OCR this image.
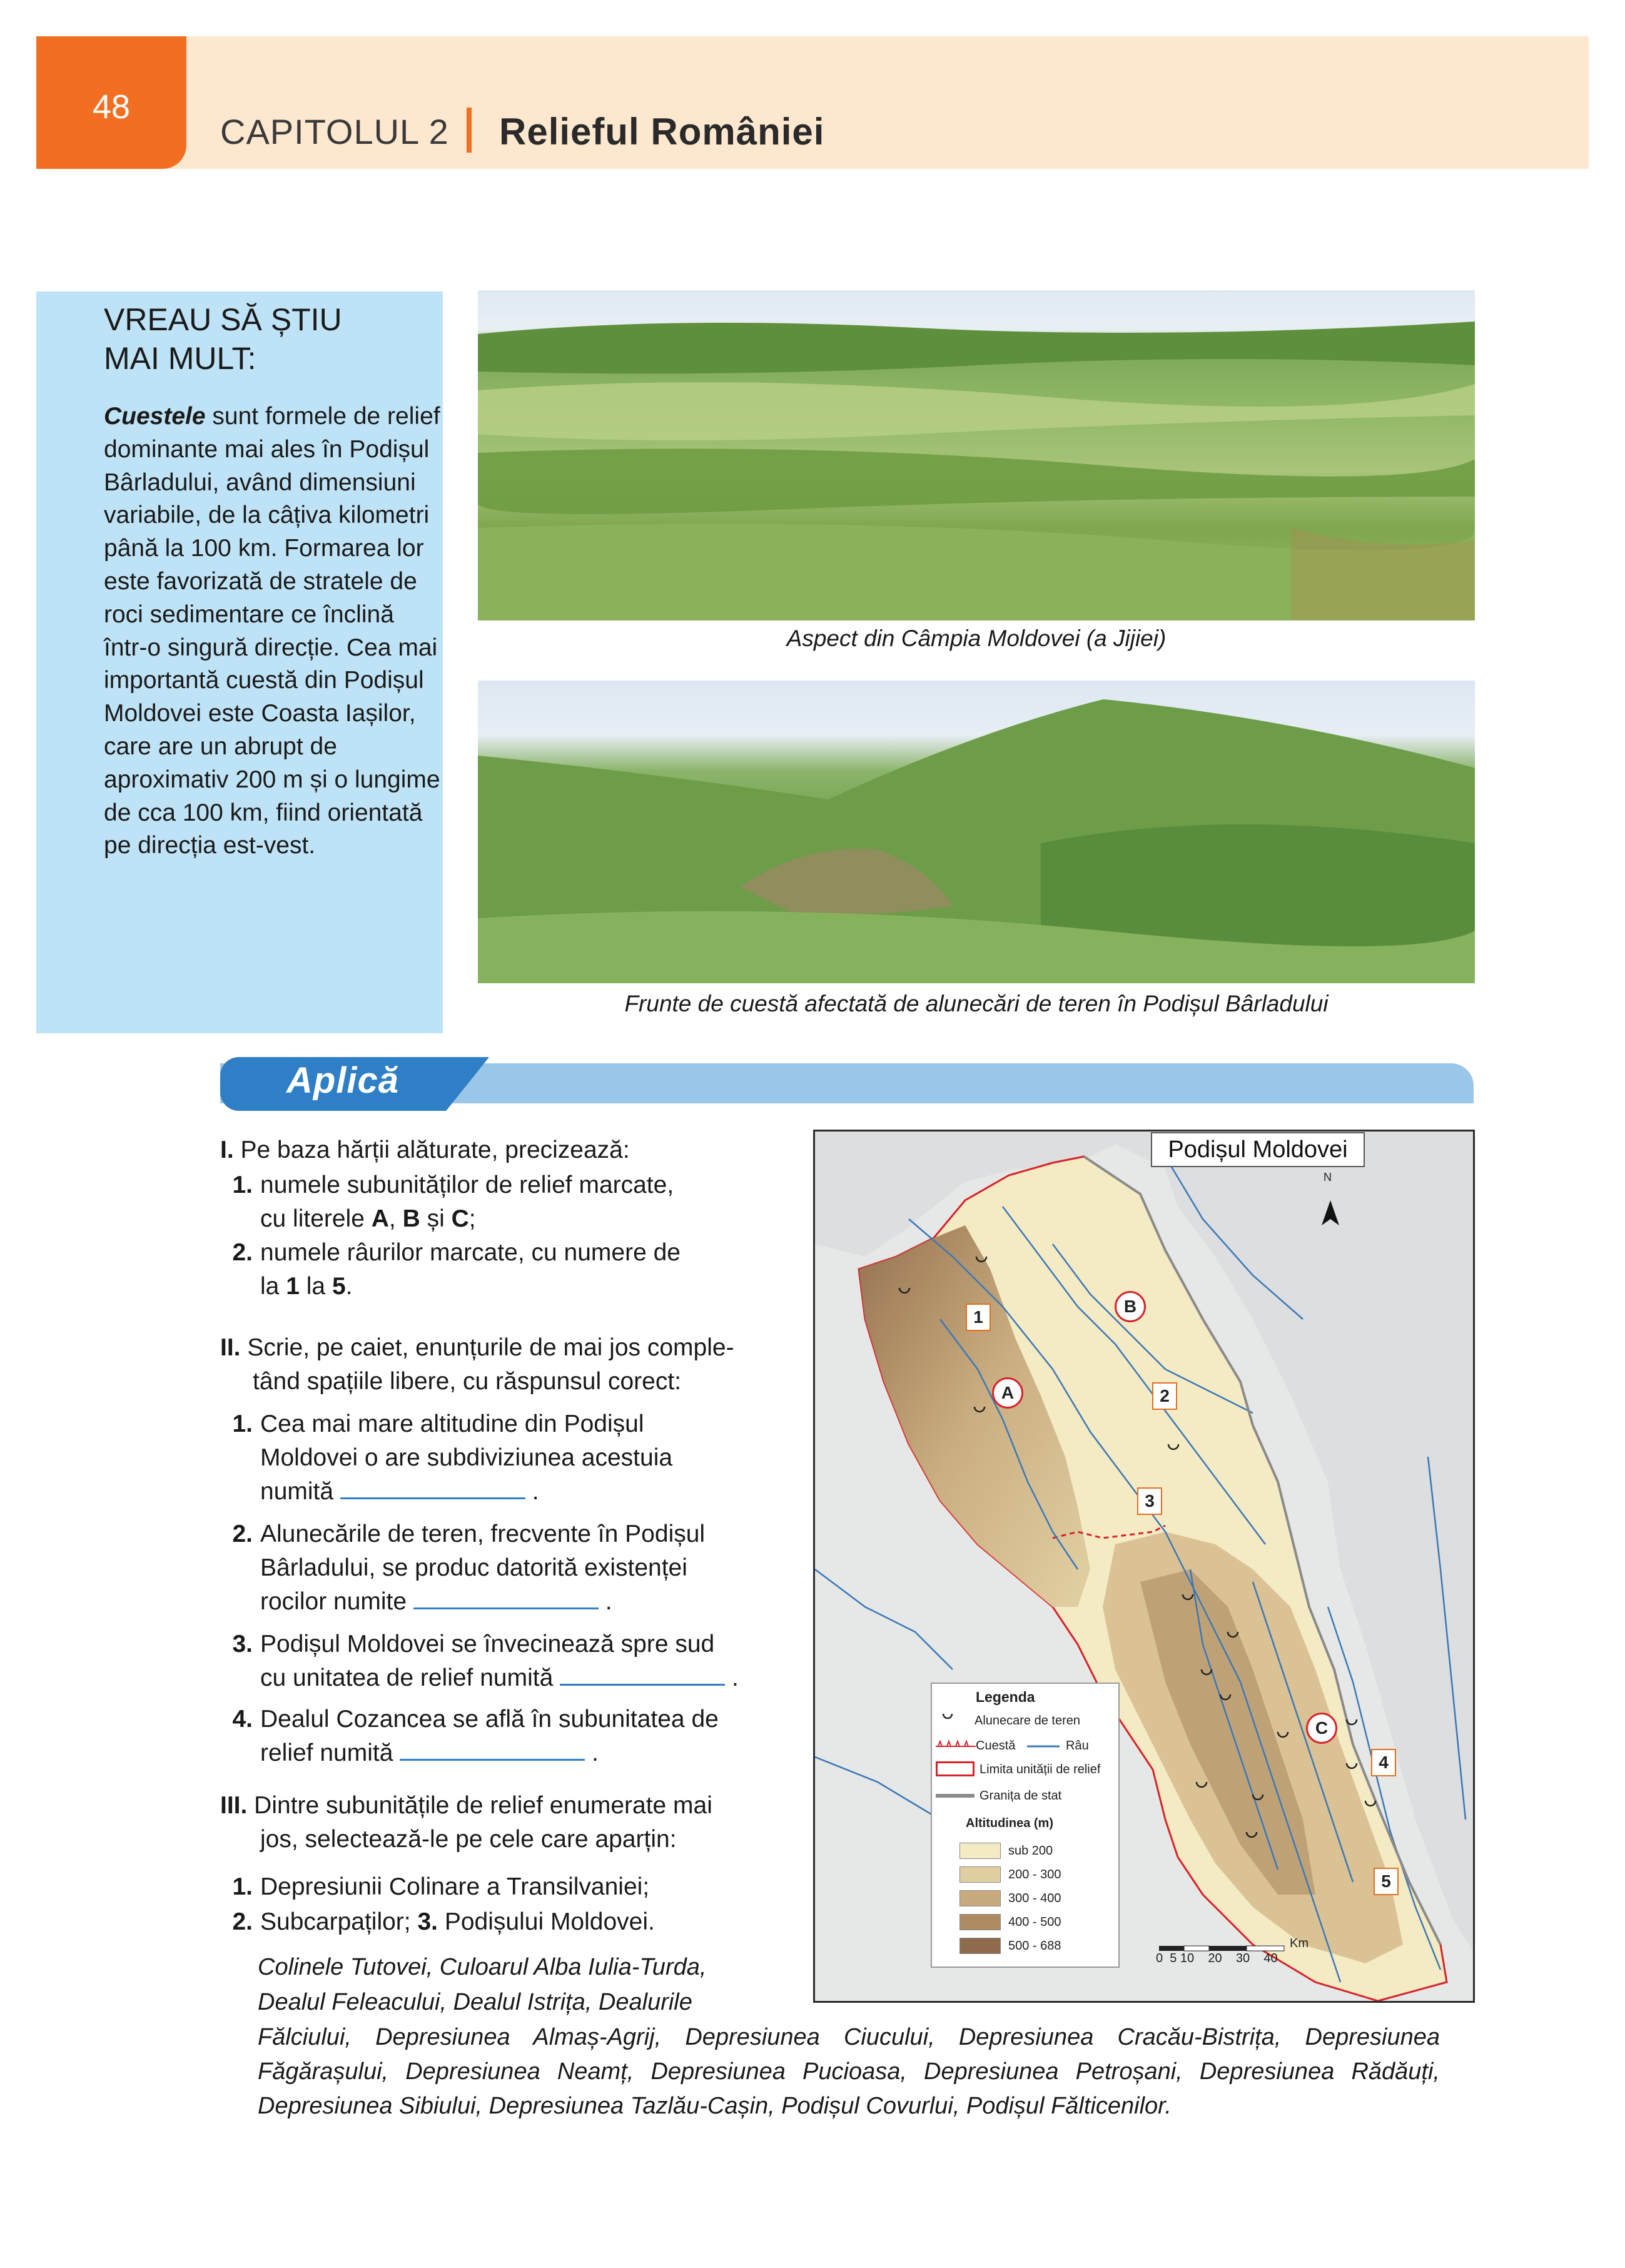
48
CAPITOLUL 2 Relieful României
VREAU SĂ ȘTIU
MAI MULT:
Cuestele sunt formele de relief dominante mai ales în Podișul Bârladului, având dimensiuni variabile, de la câțiva kilometri până la 100 km. Formarea lor este favorizată de stratele de roci sedimentare ce înclină într-o singură direcție. Cea mai importantă cuestă din Podișul Moldovei este Coasta Iașilor, care are un abrupt de aproximativ 200 m și o lungime de cca 100 km, fiind orientată pe direcția est-vest.
Aspect din Câmpia Moldovei (a Jijiei)
Frunte de cuestă afectată de alunecări de teren în Podișul Bârladului
Aplică
I. Pe baza hărții alăturate, precizează:
1. numele subunităților de relief marcate,
cu literele A, B și C;
2. numele râurilor marcate, cu numere de
la 1 la 5.
II. Scrie, pe caiet, enunțurile de mai jos comple-
tând spațiile libere, cu răspunsul corect:
1. Cea mai mare altitudine din Podișul
Moldovei o are subdiviziunea acestuia
numită	.
2. Alunecările de teren, frecvente în Podișul
Bârladului, se produc datorită existenței
rocilor numite	.
3. Podișul Moldovei se învecinează spre sud
cu unitatea de relief numită	.
4. Dealul Cozancea se află în subunitatea de
relief numită	.
III. Dintre subunitățile de relief enumerate mai
jos, selectează-le pe cele care aparțin:
1. Depresiunii Colinare a Transilvaniei;
2. Subcarpaților; 3. Podișului Moldovei.
Colinele Tutovei, Culoarul Alba Iulia-Turda,
Dealul Feleacului, Dealul Istrița, Dealurile
Fălciului, Depresiunea Almaș-Agrij, Depresiunea Ciucului, Depresiunea Cracău-Bistrița, Depresiunea Făgărașului, Depresiunea Neamț, Depresiunea Pucioasa, Depresiunea Petroșani, Depresiunea Rădăuți, Depresiunea Sibiului, Depresiunea Tazlău-Cașin, Podișul Covurlui, Podișul Fălticenilor.
Podișul Moldovei
N
A
B
C
1
2
3
4
5
Legenda
Alunecare de teren
Cuestă	Râu
Limita unității de relief
Granița de stat
Altitudinea (m)
sub 200
200 - 300
300 - 400
400 - 500
500 - 688	Km
0  5 10    20    30    40
